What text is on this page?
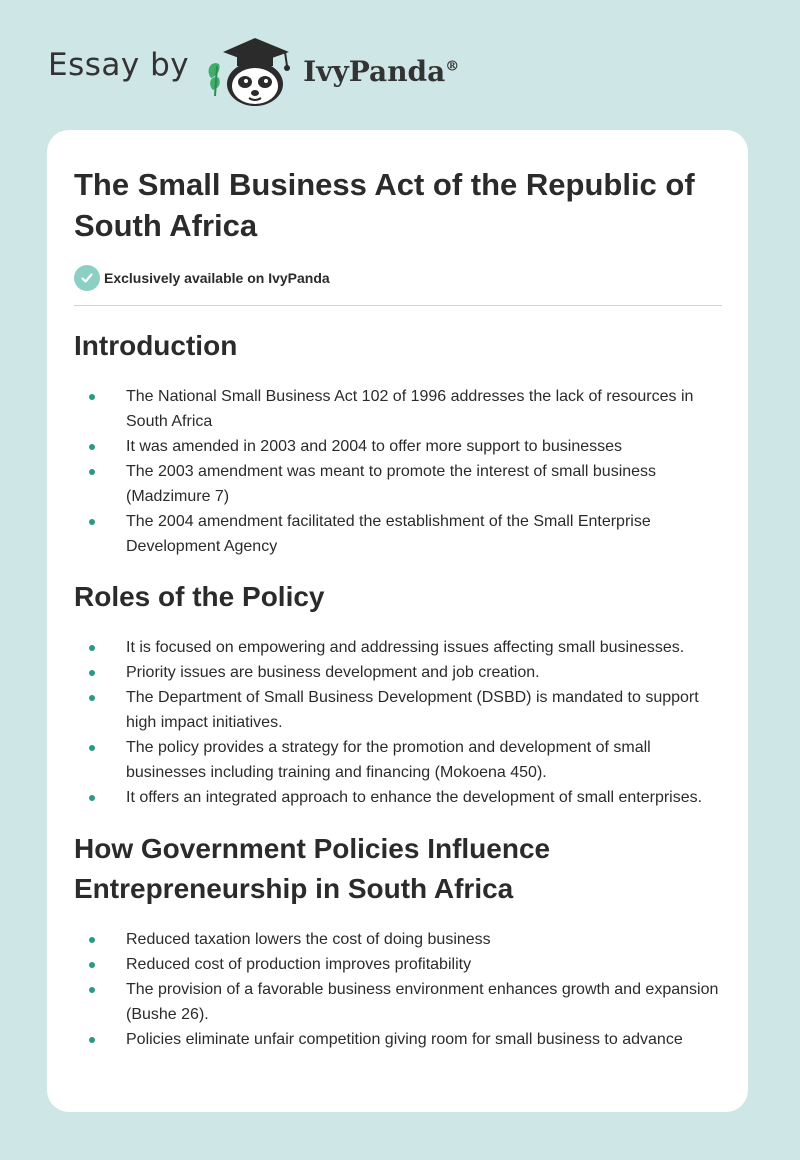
Essay by	IvyPanda®
The Small Business Act of the Republic of South Africa
Exclusively available on IvyPanda
Introduction
The National Small Business Act 102 of 1996 addresses the lack of resources in South Africa
It was amended in 2003 and 2004 to offer more support to businesses
The 2003 amendment was meant to promote the interest of small business (Madzimure 7)
The 2004 amendment facilitated the establishment of the Small Enterprise Development Agency
Roles of the Policy
It is focused on empowering and addressing issues affecting small businesses.
Priority issues are business development and job creation.
The Department of Small Business Development (DSBD) is mandated to support high impact initiatives.
The policy provides a strategy for the promotion and development of small businesses including training and financing (Mokoena 450).
It offers an integrated approach to enhance the development of small enterprises.
How Government Policies Influence Entrepreneurship in South Africa
Reduced taxation lowers the cost of doing business
Reduced cost of production improves profitability
The provision of a favorable business environment enhances growth and expansion (Bushe 26).
Policies eliminate unfair competition giving room for small business to advance
